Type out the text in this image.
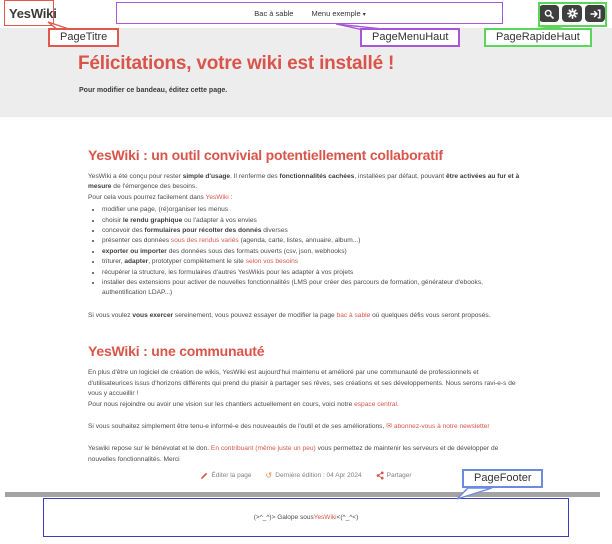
YesWiki	Bac à sable Menu exemple ▾
PageTitre	PageMenuHaut	PageRapideHaut
PageFooter
Félicitations, votre wiki est installé !

Pour modifier ce bandeau, éditez cette page.

YesWiki : un outil convivial potentiellement collaboratif

YesWiki a été conçu pour rester simple d'usage. Il renferme des fonctionnalités cachées, installées par défaut, pouvant être activées au fur et à mesure de l'émergence des besoins.

Pour cela vous pourrez facilement dans YesWiki :

• modifier une page, (ré)organiser les menus
• choisir le rendu graphique ou l'adapter à vos envies
• concevoir des formulaires pour récolter des donnés diverses
• présenter ces données sous des rendus variés (agenda, carte, listes, annuaire, album...)
• exporter ou importer des données sous des formats ouverts (csv, json, webhooks)
• triturer, adapter, prototyper complètement le site selon vos besoins
• récupérer la structure, les formulaires d'autres YesWikis pour les adapter à vos projets
• installer des extensions pour activer de nouvelles fonctionnalités (LMS pour créer des parcours de formation, générateur d'ebooks, authentification LDAP...)

Si vous voulez vous exercer sereinement, vous pouvez essayer de modifier la page bac à sable où quelques défis vous seront proposés.

YesWiki : une communauté

En plus d'être un logiciel de création de wikis, YesWiki est aujourd'hui maintenu et amélioré par une communauté de professionnels et d'utilisateurices issus d'horizons différents qui prend du plaisir à partager ses rêves, ses créations et ses développements. Nous serons ravi-e-s de vous y accueillir !

Pour nous rejoindre ou avoir une vision sur les chantiers actuellement en cours, voici notre espace central.

Si vous souhaitez simplement être tenu-e informé-e des nouveautés de l'outil et de ses améliorations, ✉ abonnez-vous à notre newsletter

Yeswiki repose sur le bénévolat et le don. En contribuant (même juste un peu) vous permettez de maintenir les serveurs et de développer de nouvelles fonctionnalités. Merci

Éditer la page ↺ Dernière édition : 04 Apr 2024	Partager
(>^_^)> Galope sous YesWiki <(^_^<)
